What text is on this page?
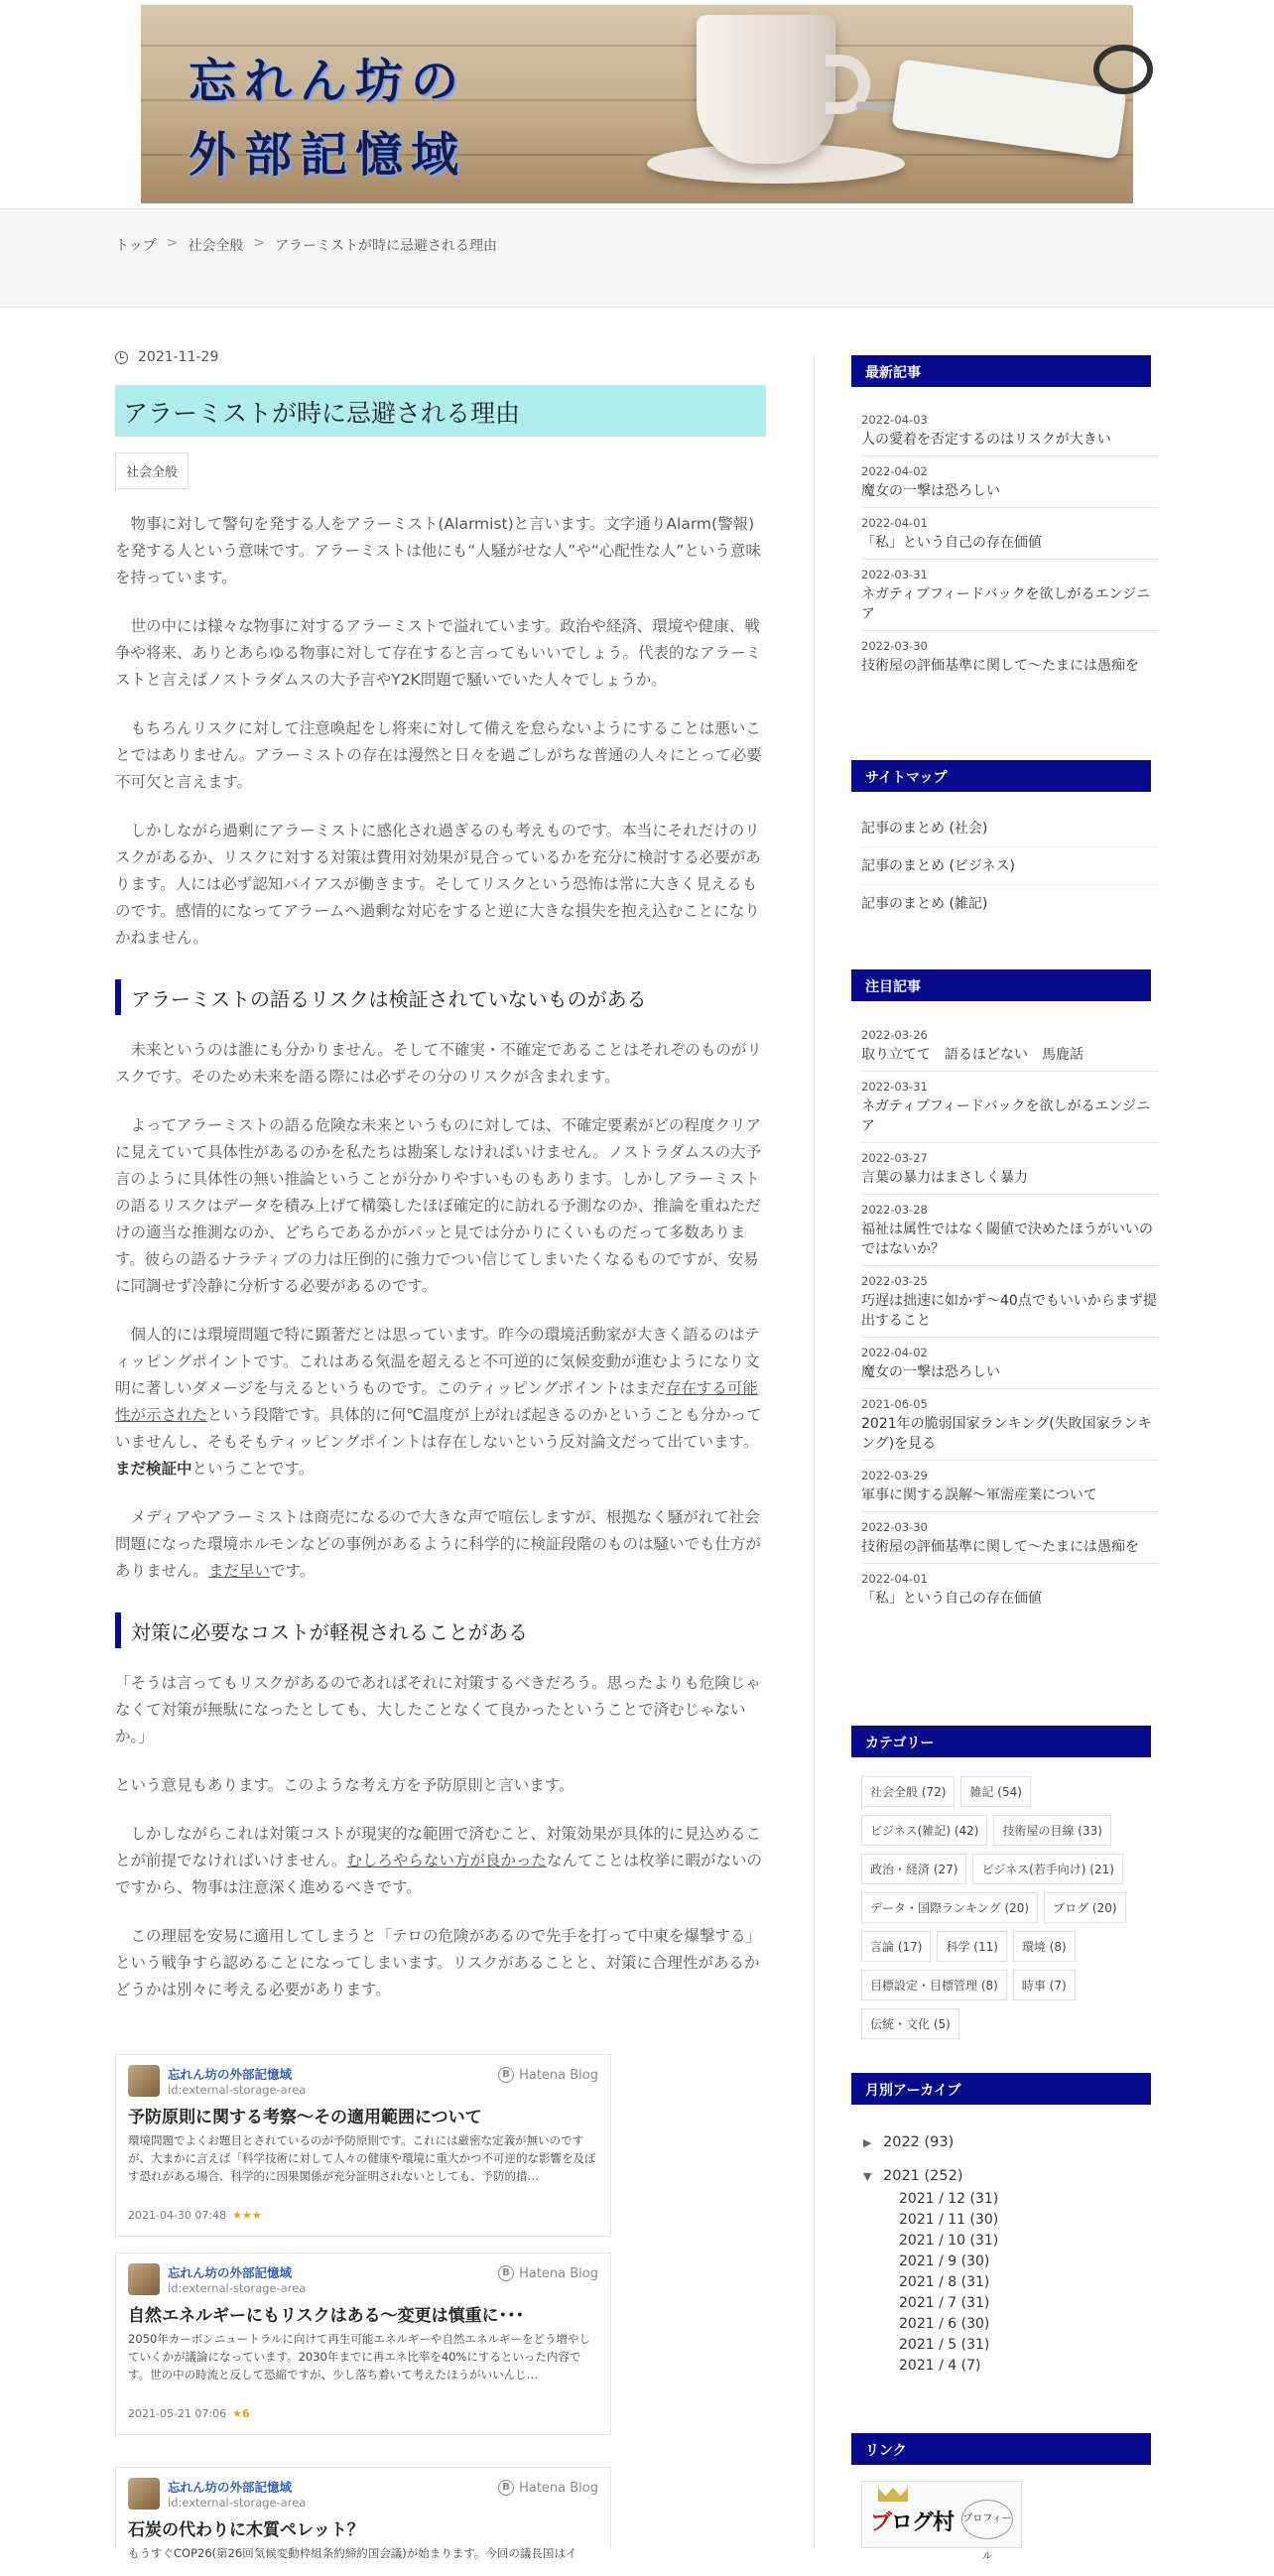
忘れん坊の
外部記憶域
トップ > 社会全般 > アラーミストが時に忌避される理由
2021-11-29
アラーミストが時に忌避される理由
社会全般

物事に対して警句を発する人をアラーミスト(Alarmist)と言います。文字通りAlarm(警報)を発する人という意味です。アラーミストは他にも“人騒がせな人”や“心配性な人”という意味を持っています。

世の中には様々な物事に対するアラーミストで溢れています。政治や経済、環境や健康、戦争や将来、ありとあらゆる物事に対して存在すると言ってもいいでしょう。代表的なアラーミストと言えばノストラダムスの大予言やY2K問題で騒いでいた人々でしょうか。

もちろんリスクに対して注意喚起をし将来に対して備えを怠らないようにすることは悪いことではありません。アラーミストの存在は漫然と日々を過ごしがちな普通の人々にとって必要不可欠と言えます。

しかしながら過剰にアラーミストに感化され過ぎるのも考えものです。本当にそれだけのリスクがあるか、リスクに対する対策は費用対効果が見合っているかを充分に検討する必要があります。人には必ず認知バイアスが働きます。そしてリスクという恐怖は常に大きく見えるものです。感情的になってアラームへ過剰な対応をすると逆に大きな損失を抱え込むことになりかねません。

アラーミストの語るリスクは検証されていないものがある

未来というのは誰にも分かりません。そして不確実・不確定であることはそれぞのものがリスクです。そのため未来を語る際には必ずその分のリスクが含まれます。

よってアラーミストの語る危険な未来というものに対しては、不確定要素がどの程度クリアに見えていて具体性があるのかを私たちは勘案しなければいけません。ノストラダムスの大予言のように具体性の無い推論ということが分かりやすいものもあります。しかしアラーミストの語るリスクはデータを積み上げて構築したほぼ確定的に訪れる予測なのか、推論を重ねただけの適当な推測なのか、どちらであるかがパッと見では分かりにくいものだって多数あります。彼らの語るナラティブの力は圧倒的に強力でつい信じてしまいたくなるものですが、安易に同調せず冷静に分析する必要があるのです。

個人的には環境問題で特に顕著だとは思っています。昨今の環境活動家が大きく語るのはティッピングポイントです。これはある気温を超えると不可逆的に気候変動が進むようになり文明に著しいダメージを与えるというものです。このティッピングポイントはまだ存在する可能性が示されたという段階です。具体的に何℃温度が上がれば起きるのかということも分かっていませんし、そもそもティッピングポイントは存在しないという反対論文だって出ています。まだ検証中ということです。

メディアやアラーミストは商売になるので大きな声で喧伝しますが、根拠なく騒がれて社会問題になった環境ホルモンなどの事例があるように科学的に検証段階のものは騒いでも仕方がありません。まだ早いです。

対策に必要なコストが軽視されることがある

「そうは言ってもリスクがあるのであればそれに対策するべきだろう。思ったよりも危険じゃなくて対策が無駄になったとしても、大したことなくて良かったということで済むじゃないか。」

という意見もあります。このような考え方を予防原則と言います。

しかしながらこれは対策コストが現実的な範囲で済むこと、対策効果が具体的に見込めることが前提でなければいけません。むしろやらない方が良かったなんてことは枚挙に暇がないのですから、物事は注意深く進めるべきです。

この理屈を安易に適用してしまうと「テロの危険があるので先手を打って中東を爆撃する」という戦争すら認めることになってしまいます。リスクがあることと、対策に合理性があるかどうかは別々に考える必要があります。

忘れん坊の外部記憶域
id:external-storage-area
B Hatena Blog
予防原則に関する考察～その適用範囲について
環境問題でよくお題目とされているのが予防原則です。これには厳密な定義が無いのですが、大まかに言えば「科学技術に対して人々の健康や環境に重大かつ不可逆的な影響を及ぼす恐れがある場合、科学的に因果関係が充分証明されないとしても、予防的措…
2021-04-30 07:48 ★★★
忘れん坊の外部記憶域
id:external-storage-area
B Hatena Blog
自然エネルギーにもリスクはある～変更は慎重に･･･
2050年カーボンニュートラルに向けて再生可能エネルギーや自然エネルギーをどう増やしていくかが議論になっています。2030年までに再エネ比率を40%にするといった内容です。世の中の時流と反して恐縮ですが、少し落ち着いて考えたほうがいいんじ…
2021-05-21 07:06 ★6
忘れん坊の外部記憶域
id:external-storage-area
B Hatena Blog
石炭の代わりに木質ペレット？
もうすぐCOP26(第26回気候変動枠組条約締約国会議)が始まります。今回の議長国はイ
最新記事
2022-04-03
人の愛着を否定するのはリスクが大きい
2022-04-02
魔女の一撃は恐ろしい
2022-04-01
「私」という自己の存在価値
2022-03-31
ネガティブフィードバックを欲しがるエンジニア
2022-03-30
技術屋の評価基準に関して～たまには愚痴を
サイトマップ
記事のまとめ (社会)
記事のまとめ (ビジネス)
記事のまとめ (雑記)
注目記事
2022-03-26
取り立てて　語るほどない　馬鹿話
2022-03-31
ネガティブフィードバックを欲しがるエンジニア
2022-03-27
言葉の暴力はまさしく暴力
2022-03-28
福祉は属性ではなく閾値で決めたほうがいいのではないか？
2022-03-25
巧遅は拙速に如かず～40点でもいいからまず提出すること
2022-04-02
魔女の一撃は恐ろしい
2021-06-05
2021年の脆弱国家ランキング(失敗国家ランキング)を見る
2022-03-29
軍事に関する誤解～軍需産業について
2022-03-30
技術屋の評価基準に関して～たまには愚痴を
2022-04-01
「私」という自己の存在価値
カテゴリー
社会全般 (72)	雑記 (54)
ビジネス(雑記) (42)	技術屋の目線 (33)
政治・経済 (27)	ビジネス(若手向け) (21)
データ・国際ランキング (20)	ブログ (20)
言論 (17)	科学 (11)	環境 (8)
目標設定・目標管理 (8)	時事 (7)
伝統・文化 (5)
月別アーカイブ
▶ 2022 (93)
▼ 2021 (252)
2021 / 12 (31)
2021 / 11 (30)
2021 / 10 (31)
2021 / 9 (30)
2021 / 8 (31)
2021 / 7 (31)
2021 / 6 (30)
2021 / 5 (31)
2021 / 4 (7)
リンク
ブログ村 プロフィール
